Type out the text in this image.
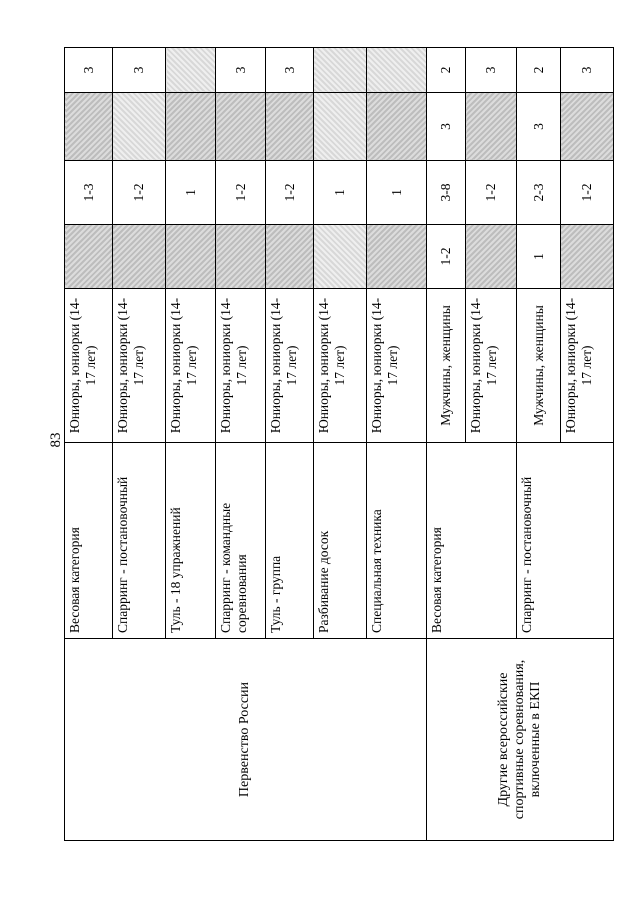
83
Первенство России	Весовая категория	Юниоры, юниорки (14-17 лет)		1-3		3
	Спарринг - постановочный	Юниоры, юниорки (14-17 лет)		1-2		3
	Туль - 18 упражнений	Юниоры, юниорки (14-17 лет)		1		
	Спарринг - командные соревнования	Юниоры, юниорки (14-17 лет)		1-2		3
	Туль - группа	Юниоры, юниорки (14-17 лет)		1-2		3
	Разбивание досок	Юниоры, юниорки (14-17 лет)		1		
	Специальная техника	Юниоры, юниорки (14-17 лет)		1		
Другие всероссийские спортивные соревнования, включенные в ЕКП	Весовая категория	Мужчины, женщины	1-2	3-8	3	2
		Юниоры, юниорки (14-17 лет)		1-2		3
	Спарринг - постановочный	Мужчины, женщины	1	2-3	3	2
		Юниоры, юниорки (14-17 лет)		1-2		3
